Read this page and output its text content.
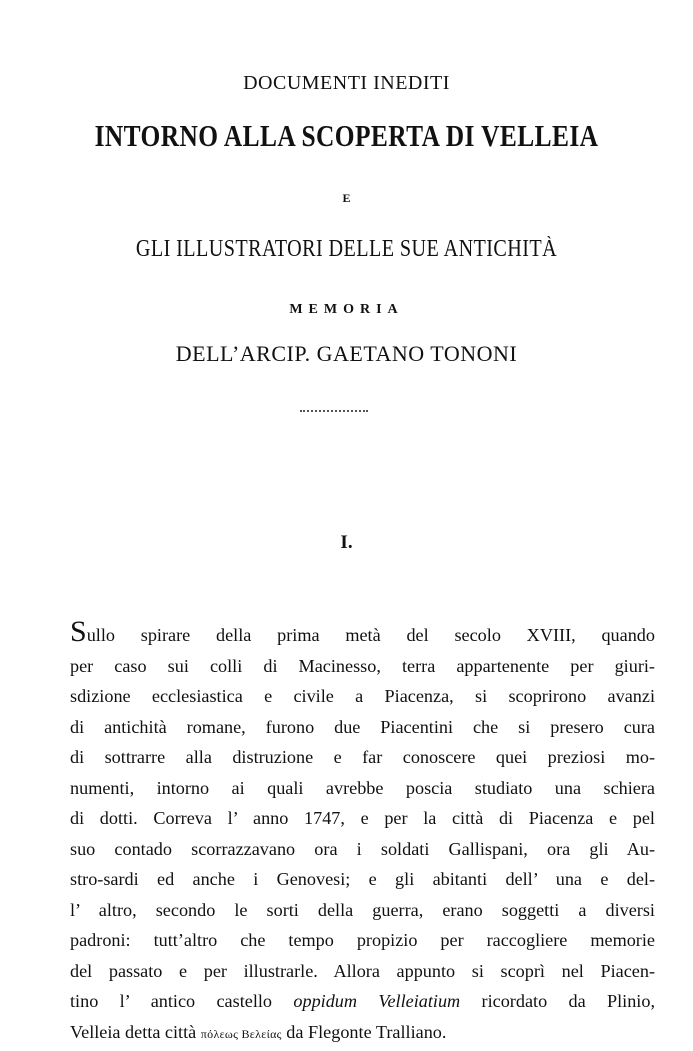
DOCUMENTI INEDITI
INTORNO ALLA SCOPERTA DI VELLEIA
E
GLI ILLUSTRATORI DELLE SUE ANTICHITÀ
MEMORIA
DELL’ARCIP. GAETANO TONONI
I.
Sullo spirare della prima metà del secolo XVIII, quando
per caso sui colli di Macinesso, terra appartenente per giuri-
sdizione ecclesiastica e civile a Piacenza, si scoprirono avanzi
di antichità romane, furono due Piacentini che si presero cura
di sottrarre alla distruzione e far conoscere quei preziosi mo-
numenti, intorno ai quali avrebbe poscia studiato una schiera
di dotti. Correva l’ anno 1747, e per la città di Piacenza e pel
suo contado scorrazzavano ora i soldati Gallispani, ora gli Au-
stro-sardi ed anche i Genovesi; e gli abitanti dell’ una e del-
l’ altro, secondo le sorti della guerra, erano soggetti a diversi
padroni: tutt’altro che tempo propizio per raccogliere memorie
del passato e per illustrarle. Allora appunto si scoprì nel Piacen-
tino l’ antico castello oppidum Velleiatium ricordato da Plinio,
Velleia detta città πόλεως Βελείας da Flegonte Tralliano.
